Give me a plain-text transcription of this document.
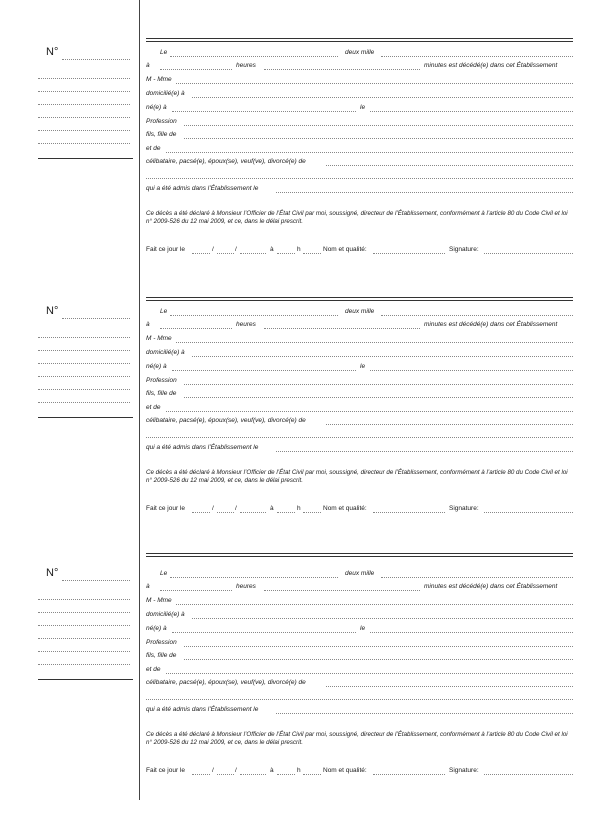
N°	Le	deux mille
à	heures	minutes est décédé(e) dans cet Établissement
M - Mme
domicilié(e) à
né(e) à	le
Profession
fils, fille de
et de
célibataire, pacsé(e), époux(se), veuf(ve), divorcé(e) de
qui a été admis dans l’Établissement le
Ce décès a été déclaré à Monsieur l’Officier de l’État Civil par moi, soussigné, directeur de l’Établissement, conformément à l’article 80 du Code Civil et loi n° 2009-526 du 12 mai 2009, et ce, dans le délai prescrit.
Fait ce jour le	/	/	à	h	Nom et qualité:	Signature:
N°	Le	deux mille
à	heures	minutes est décédé(e) dans cet Établissement
M - Mme
domicilié(e) à
né(e) à	le
Profession
fils, fille de
et de
célibataire, pacsé(e), époux(se), veuf(ve), divorcé(e) de
qui a été admis dans l’Établissement le
Ce décès a été déclaré à Monsieur l’Officier de l’État Civil par moi, soussigné, directeur de l’Établissement, conformément à l’article 80 du Code Civil et loi n° 2009-526 du 12 mai 2009, et ce, dans le délai prescrit.
Fait ce jour le	/	/	à	h	Nom et qualité:	Signature:
N°	Le	deux mille
à	heures	minutes est décédé(e) dans cet Établissement
M - Mme
domicilié(e) à
né(e) à	le
Profession
fils, fille de
et de
célibataire, pacsé(e), époux(se), veuf(ve), divorcé(e) de
qui a été admis dans l’Établissement le
Ce décès a été déclaré à Monsieur l’Officier de l’État Civil par moi, soussigné, directeur de l’Établissement, conformément à l’article 80 du Code Civil et loi n° 2009-526 du 12 mai 2009, et ce, dans le délai prescrit.
Fait ce jour le	/	/	à	h	Nom et qualité:	Signature:
